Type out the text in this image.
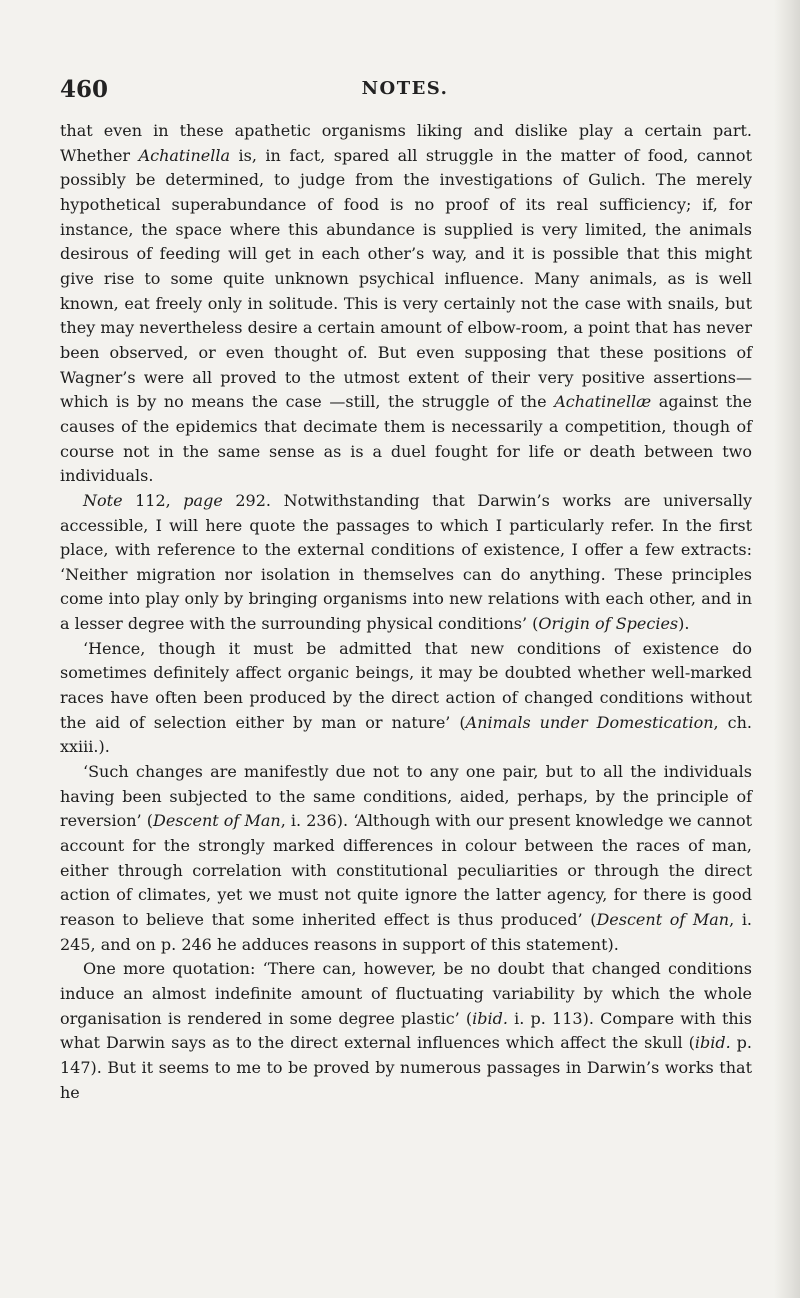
460	NOTES.

that even in these apathetic organisms liking and dislike play a certain part. Whether Achatinella is, in fact, spared all struggle in the matter of food, cannot possibly be determined, to judge from the investigations of Gulich. The merely hypothetical superabundance of food is no proof of its real sufficiency; if, for instance, the space where this abundance is supplied is very limited, the animals desirous of feeding will get in each other’s way, and it is possible that this might give rise to some quite unknown psychical influence. Many animals, as is well known, eat freely only in solitude. This is very certainly not the case with snails, but they may nevertheless desire a certain amount of elbow-room, a point that has never been observed, or even thought of. But even supposing that these positions of Wagner’s were all proved to the utmost extent of their very positive assertions—which is by no means the case —still, the struggle of the Achatinellæ against the causes of the epidemics that decimate them is necessarily a competition, though of course not in the same sense as is a duel fought for life or death between two individuals.

Note 112, page 292. Notwithstanding that Darwin’s works are universally accessible, I will here quote the passages to which I particularly refer. In the first place, with reference to the external conditions of existence, I offer a few extracts: ‘Neither migration nor isolation in themselves can do anything. These principles come into play only by bringing organisms into new relations with each other, and in a lesser degree with the surrounding physical conditions’ (Origin of Species).

‘Hence, though it must be admitted that new conditions of existence do sometimes definitely affect organic beings, it may be doubted whether well-marked races have often been produced by the direct action of changed conditions without the aid of selection either by man or nature’ (Animals under Domestication, ch. xxiii.).

‘Such changes are manifestly due not to any one pair, but to all the individuals having been subjected to the same conditions, aided, perhaps, by the principle of reversion’ (Descent of Man, i. 236). ‘Although with our present knowledge we cannot account for the strongly marked differences in colour between the races of man, either through correlation with constitutional peculiarities or through the direct action of climates, yet we must not quite ignore the latter agency, for there is good reason to believe that some inherited effect is thus produced’ (Descent of Man, i. 245, and on p. 246 he adduces reasons in support of this statement).

One more quotation: ‘There can, however, be no doubt that changed conditions induce an almost indefinite amount of fluctuating variability by which the whole organisation is rendered in some degree plastic’ (ibid. i. p. 113). Compare with this what Darwin says as to the direct external influences which affect the skull (ibid. p. 147). But it seems to me to be proved by numerous passages in Darwin’s works that he
